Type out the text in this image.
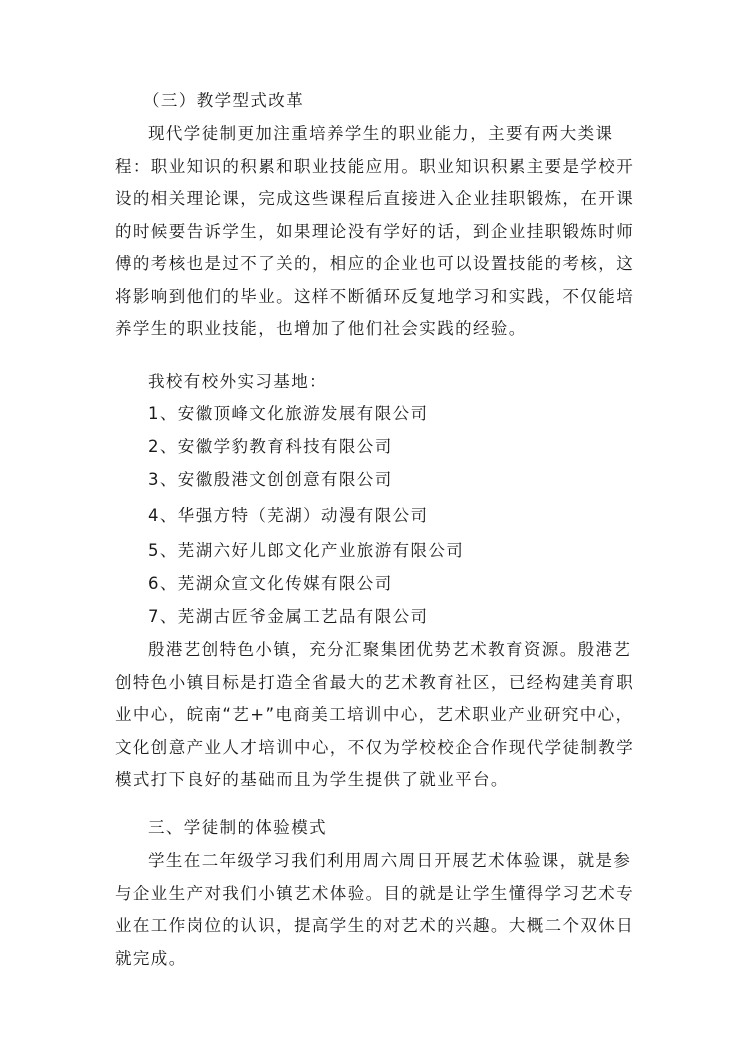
（三）教学型式改革

现代学徒制更加注重培养学生的职业能力，主要有两大类课程：职业知识的积累和职业技能应用。职业知识积累主要是学校开设的相关理论课，完成这些课程后直接进入企业挂职锻炼，在开课的时候要告诉学生，如果理论没有学好的话，到企业挂职锻炼时师傅的考核也是过不了关的，相应的企业也可以设置技能的考核，这将影响到他们的毕业。这样不断循环反复地学习和实践，不仅能培养学生的职业技能，也增加了他们社会实践的经验。

我校有校外实习基地：

1、安徽顶峰文化旅游发展有限公司

2、安徽学豹教育科技有限公司

3、安徽殷港文创创意有限公司

4、华强方特（芜湖）动漫有限公司

5、芜湖六好儿郎文化产业旅游有限公司

6、芜湖众宣文化传媒有限公司

7、芜湖古匠爷金属工艺品有限公司

殷港艺创特色小镇，充分汇聚集团优势艺术教育资源。殷港艺创特色小镇目标是打造全省最大的艺术教育社区，已经构建美育职业中心，皖南“艺+”电商美工培训中心，艺术职业产业研究中心，文化创意产业人才培训中心，不仅为学校校企合作现代学徒制教学模式打下良好的基础而且为学生提供了就业平台。

三、学徒制的体验模式

学生在二年级学习我们利用周六周日开展艺术体验课，就是参与企业生产对我们小镇艺术体验。目的就是让学生懂得学习艺术专业在工作岗位的认识，提高学生的对艺术的兴趣。大概二个双休日就完成。
